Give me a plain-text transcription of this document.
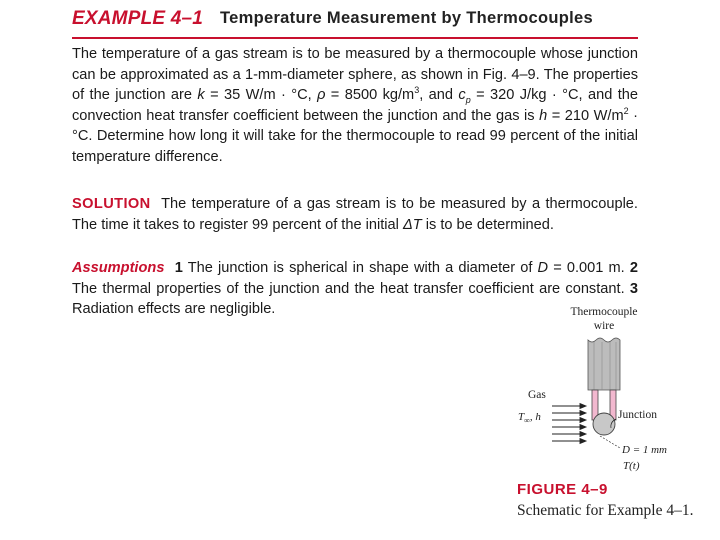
EXAMPLE 4–1 Temperature Measurement by Thermocouples
The temperature of a gas stream is to be measured by a thermocouple whose junction can be approximated as a 1-mm-diameter sphere, as shown in Fig. 4–9. The properties of the junction are k = 35 W/m · °C, ρ = 8500 $kg/m^3$, and $c_p = 320$ J/kg · °C, and the convection heat transfer coefficient between the junction and the gas is h = 210 $W/m^2 \cdot ^\circ C$. Determine how long it will take for the thermocouple to read 99 percent of the initial temperature difference.
SOLUTION The temperature of a gas stream is to be measured by a thermocouple. The time it takes to register 99 percent of the initial ΔT is to be determined.
Assumptions 1 The junction is spherical in shape with a diameter of D = 0.001 m. 2 The thermal properties of the junction and the heat transfer coefficient are constant. 3 Radiation effects are negligible.	Thermocouple
wire
Gas
$T_\infty$, h	Junction
D = 1 mm
T(t)
FIGURE 4–9
Schematic for Example 4–1.
